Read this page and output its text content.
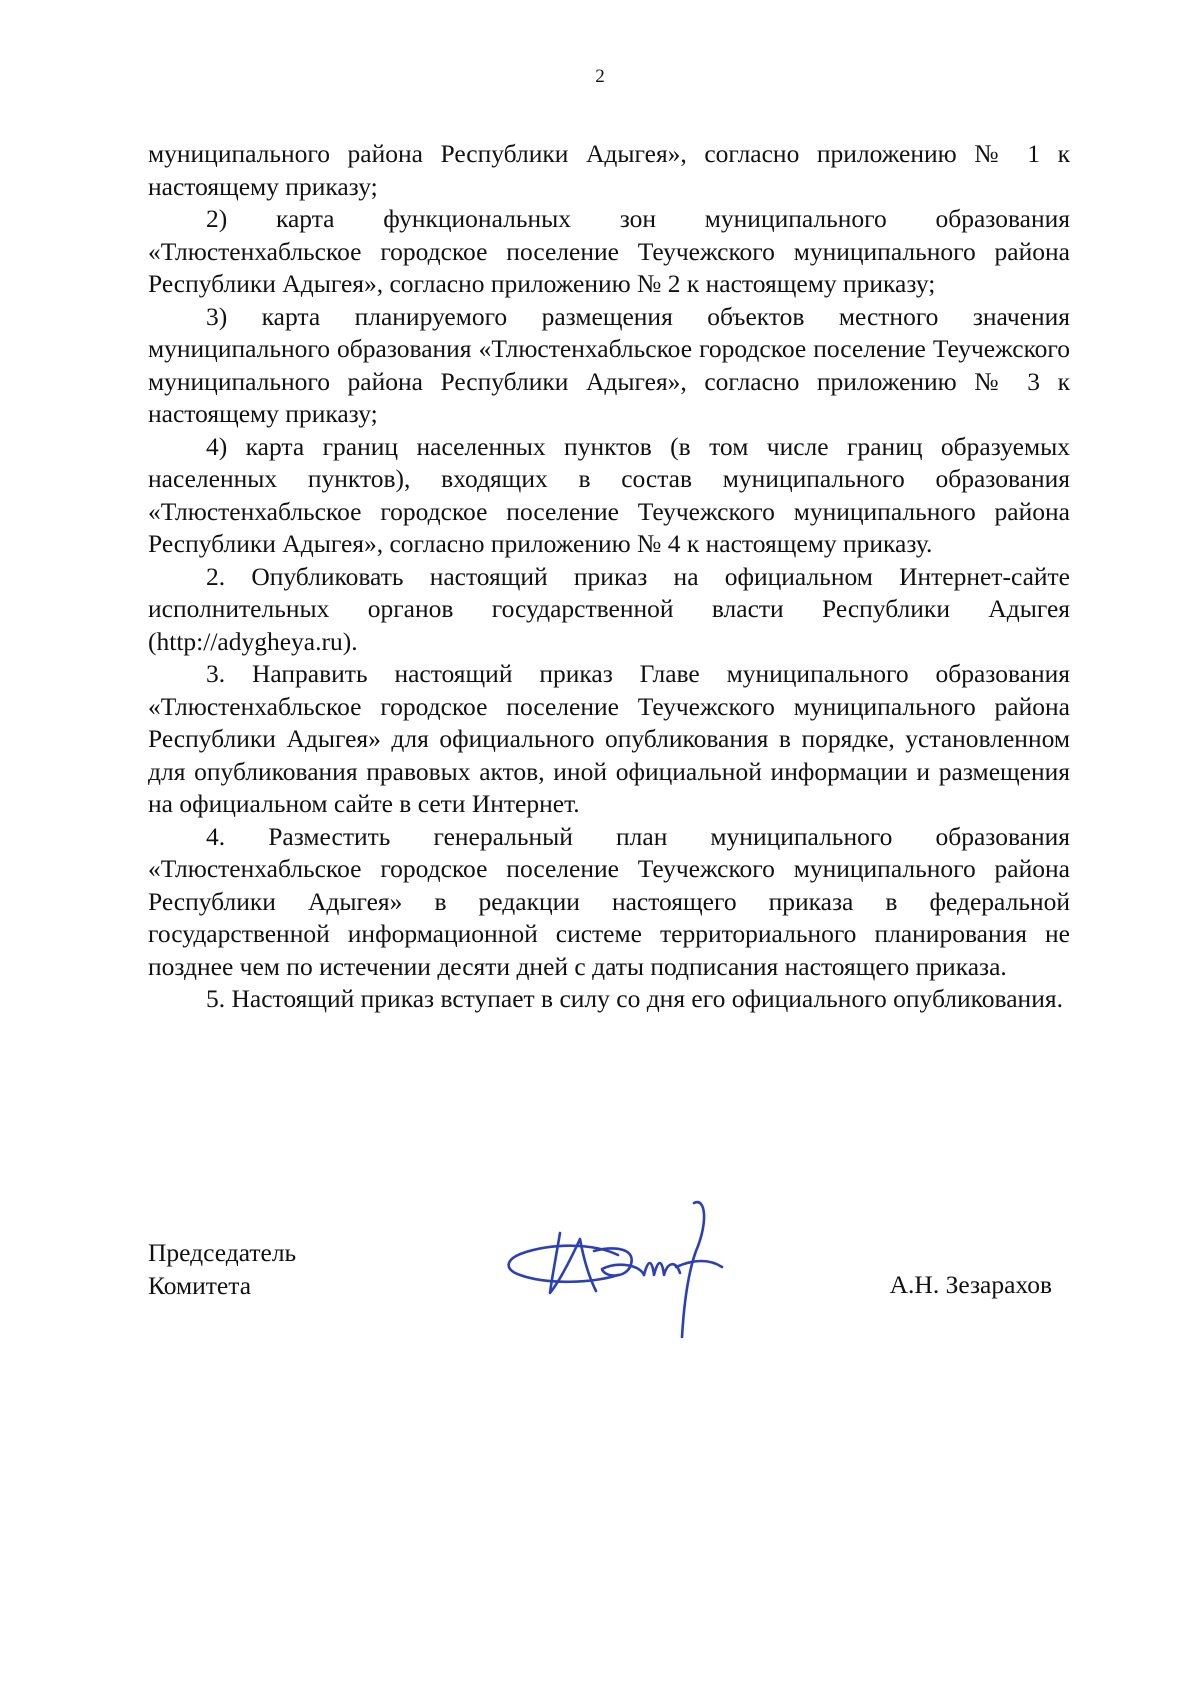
2

муниципального района Республики Адыгея», согласно приложению № 1 к настоящему приказу;

2) карта функциональных зон муниципального образования «Тлюстенхабльское городское поселение Теучежского муниципального района Республики Адыгея», согласно приложению № 2 к настоящему приказу;

3) карта планируемого размещения объектов местного значения муниципального образования «Тлюстенхабльское городское поселение Теучежского муниципального района Республики Адыгея», согласно приложению № 3 к настоящему приказу;

4) карта границ населенных пунктов (в том числе границ образуемых населенных пунктов), входящих в состав муниципального образования «Тлюстенхабльское городское поселение Теучежского муниципального района Республики Адыгея», согласно приложению № 4 к настоящему приказу.

2. Опубликовать настоящий приказ на официальном Интернет-сайте исполнительных органов государственной власти Республики Адыгея (http://adygheya.ru).

3. Направить настоящий приказ Главе муниципального образования «Тлюстенхабльское городское поселение Теучежского муниципального района Республики Адыгея» для официального опубликования в порядке, установленном для опубликования правовых актов, иной официальной информации и размещения на официальном сайте в сети Интернет.

4. Разместить генеральный план муниципального образования «Тлюстенхабльское городское поселение Теучежского муниципального района Республики Адыгея» в редакции настоящего приказа в федеральной государственной информационной системе территориального планирования не позднее чем по истечении десяти дней с даты подписания настоящего приказа.

5. Настоящий приказ вступает в силу со дня его официального опубликования.

Председатель
Комитета	А.Н. Зезарахов
